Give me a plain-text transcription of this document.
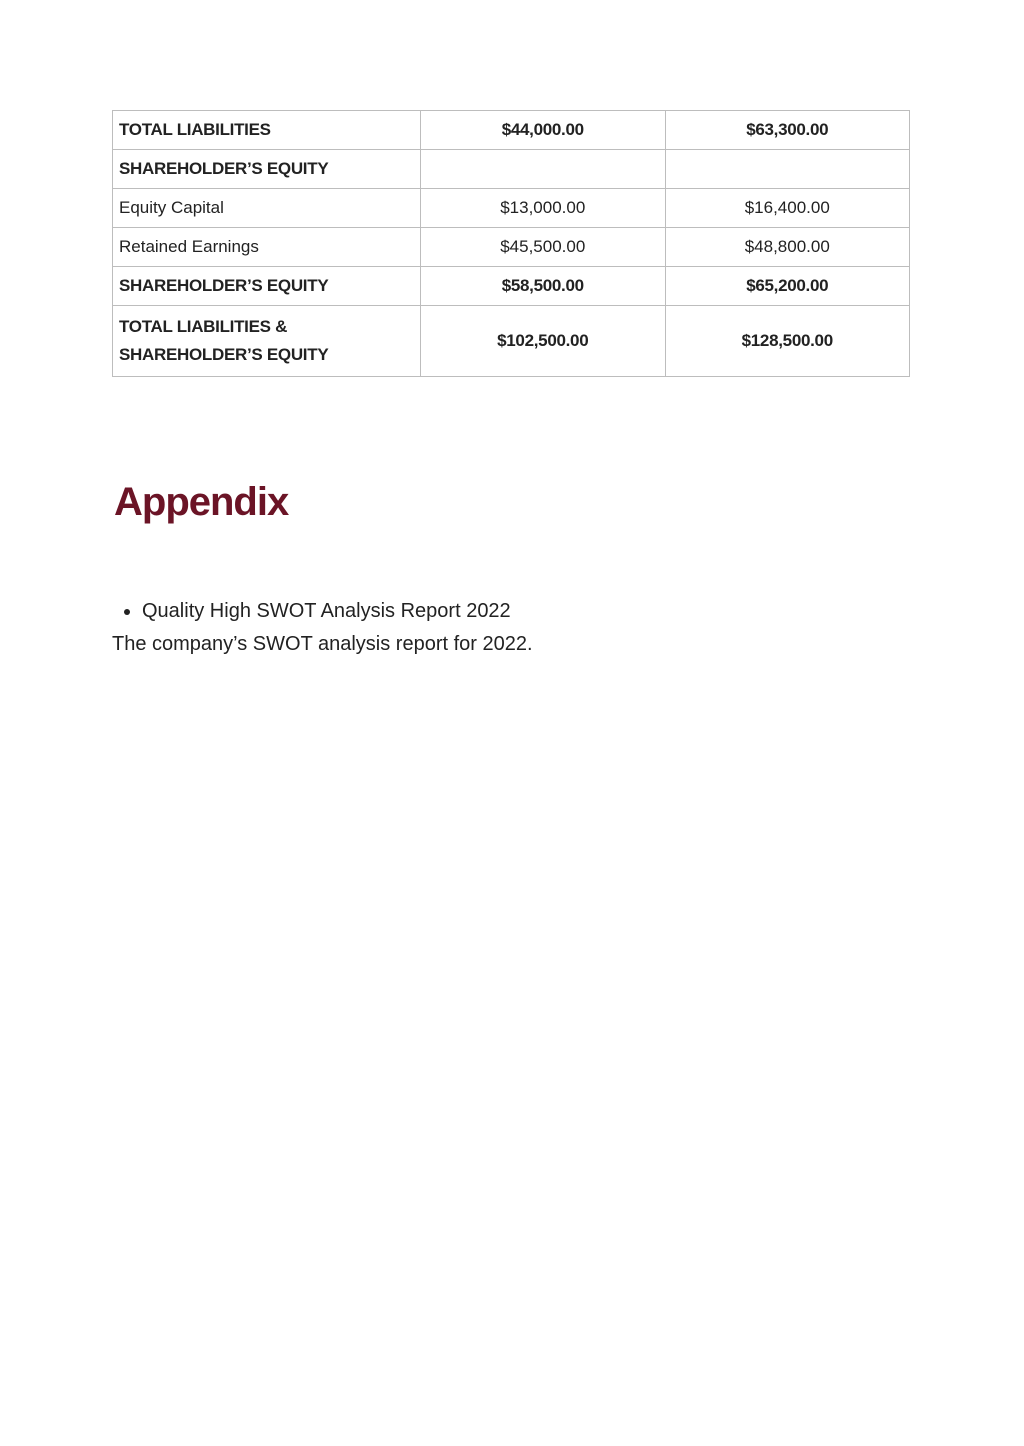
TOTAL LIABILITIES	$44,000.00	$63,300.00
SHAREHOLDER’S EQUITY		
Equity Capital	$13,000.00	$16,400.00
Retained Earnings	$45,500.00	$48,800.00
SHAREHOLDER’S EQUITY	$58,500.00	$65,200.00
TOTAL LIABILITIES &
SHAREHOLDER’S EQUITY	$102,500.00	$128,500.00
Appendix
• Quality High SWOT Analysis Report 2022

The company’s SWOT analysis report for 2022.
